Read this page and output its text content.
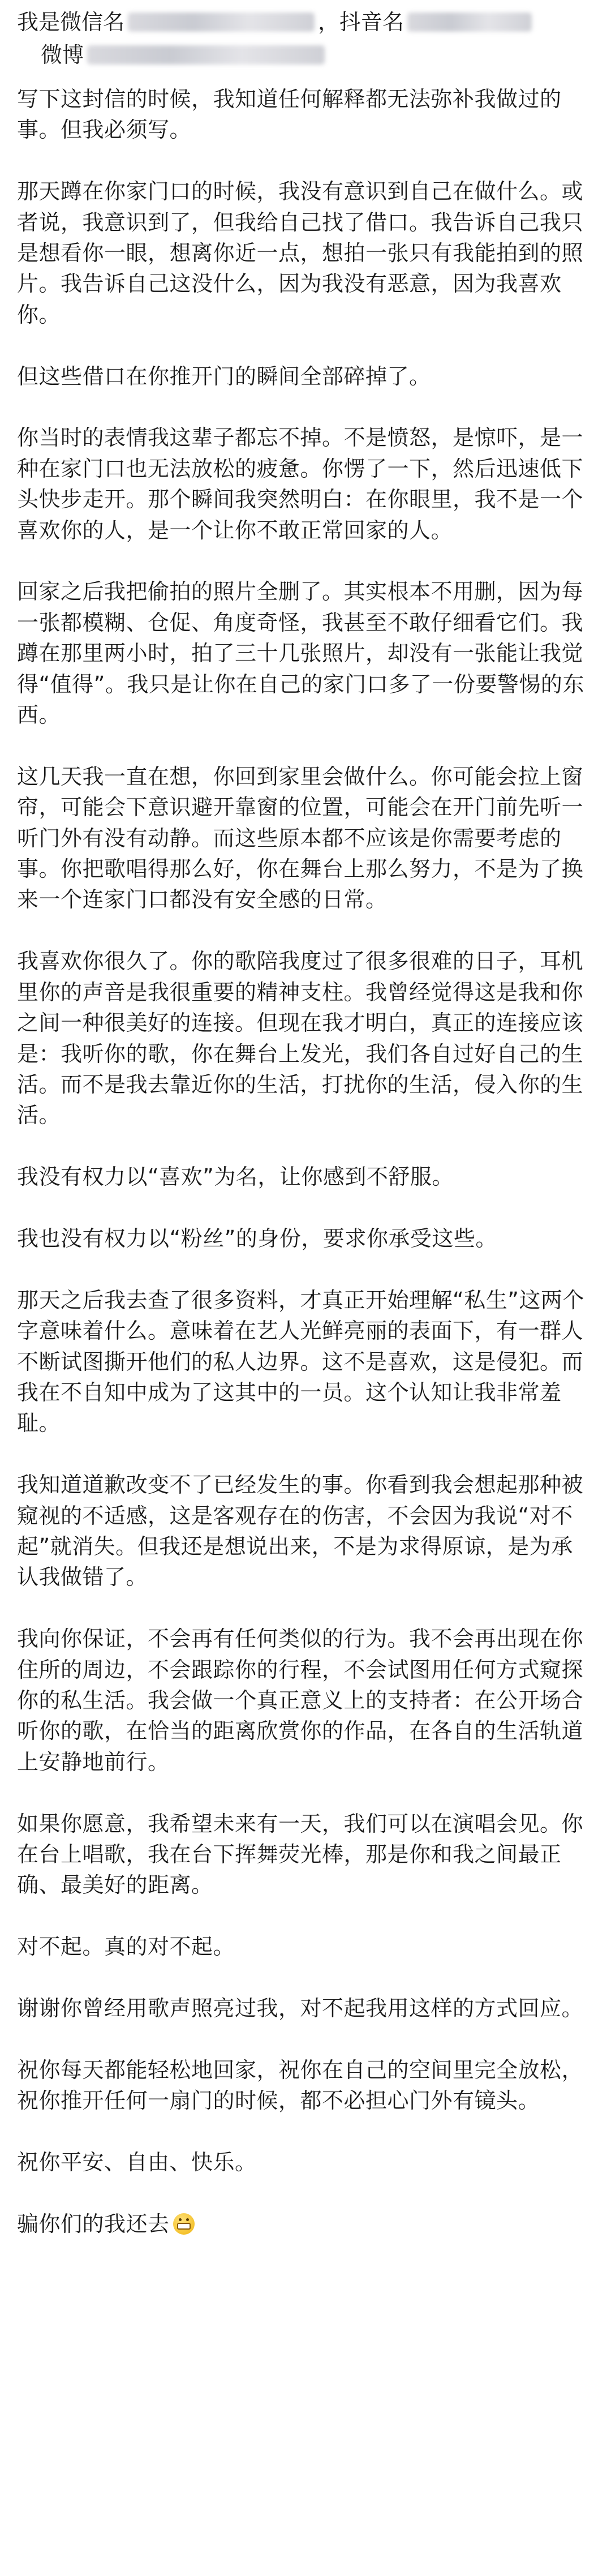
我是微信名	， 抖音名
微博

写下这封信的时候，我知道任何解释都无法弥补我做过的事。但我必须写。

那天蹲在你家门口的时候，我没有意识到自己在做什么。或者说，我意识到了，但我给自己找了借口。我告诉自己我只是想看你一眼，想离你近一点，想拍一张只有我能拍到的照片。我告诉自己这没什么，因为我没有恶意，因为我喜欢你。

但这些借口在你推开门的瞬间全部碎掉了。

你当时的表情我这辈子都忘不掉。不是愤怒，是惊吓，是一种在家门口也无法放松的疲惫。你愣了一下，然后迅速低下头快步走开。那个瞬间我突然明白：在你眼里，我不是一个喜欢你的人，是一个让你不敢正常回家的人。

回家之后我把偷拍的照片全删了。其实根本不用删，因为每一张都模糊、仓促、角度奇怪，我甚至不敢仔细看它们。我蹲在那里两小时，拍了三十几张照片，却没有一张能让我觉得“值得”。我只是让你在自己的家门口多了一份要警惕的东西。

这几天我一直在想，你回到家里会做什么。你可能会拉上窗帘，可能会下意识避开靠窗的位置，可能会在开门前先听一听门外有没有动静。而这些原本都不应该是你需要考虑的事。你把歌唱得那么好，你在舞台上那么努力，不是为了换来一个连家门口都没有安全感的日常。

我喜欢你很久了。你的歌陪我度过了很多很难的日子，耳机里你的声音是我很重要的精神支柱。我曾经觉得这是我和你之间一种很美好的连接。但现在我才明白，真正的连接应该是：我听你的歌，你在舞台上发光，我们各自过好自己的生活。而不是我去靠近你的生活，打扰你的生活，侵入你的生活。

我没有权力以“喜欢”为名，让你感到不舒服。

我也没有权力以“粉丝”的身份，要求你承受这些。

那天之后我去查了很多资料，才真正开始理解“私生”这两个字意味着什么。意味着在艺人光鲜亮丽的表面下，有一群人不断试图撕开他们的私人边界。这不是喜欢，这是侵犯。而我在不自知中成为了这其中的一员。这个认知让我非常羞耻。

我知道道歉改变不了已经发生的事。你看到我会想起那种被窥视的不适感，这是客观存在的伤害，不会因为我说“对不起”就消失。但我还是想说出来，不是为求得原谅，是为承认我做错了。

我向你保证，不会再有任何类似的行为。我不会再出现在你住所的周边，不会跟踪你的行程，不会试图用任何方式窥探你的私生活。我会做一个真正意义上的支持者：在公开场合听你的歌，在恰当的距离欣赏你的作品，在各自的生活轨道上安静地前行。

如果你愿意，我希望未来有一天，我们可以在演唱会见。你在台上唱歌，我在台下挥舞荧光棒，那是你和我之间最正确、最美好的距离。

对不起。真的对不起。

谢谢你曾经用歌声照亮过我，对不起我用这样的方式回应。

祝你每天都能轻松地回家，祝你在自己的空间里完全放松，祝你推开任何一扇门的时候，都不必担心门外有镜头。

祝你平安、自由、快乐。

骗你们的我还去
